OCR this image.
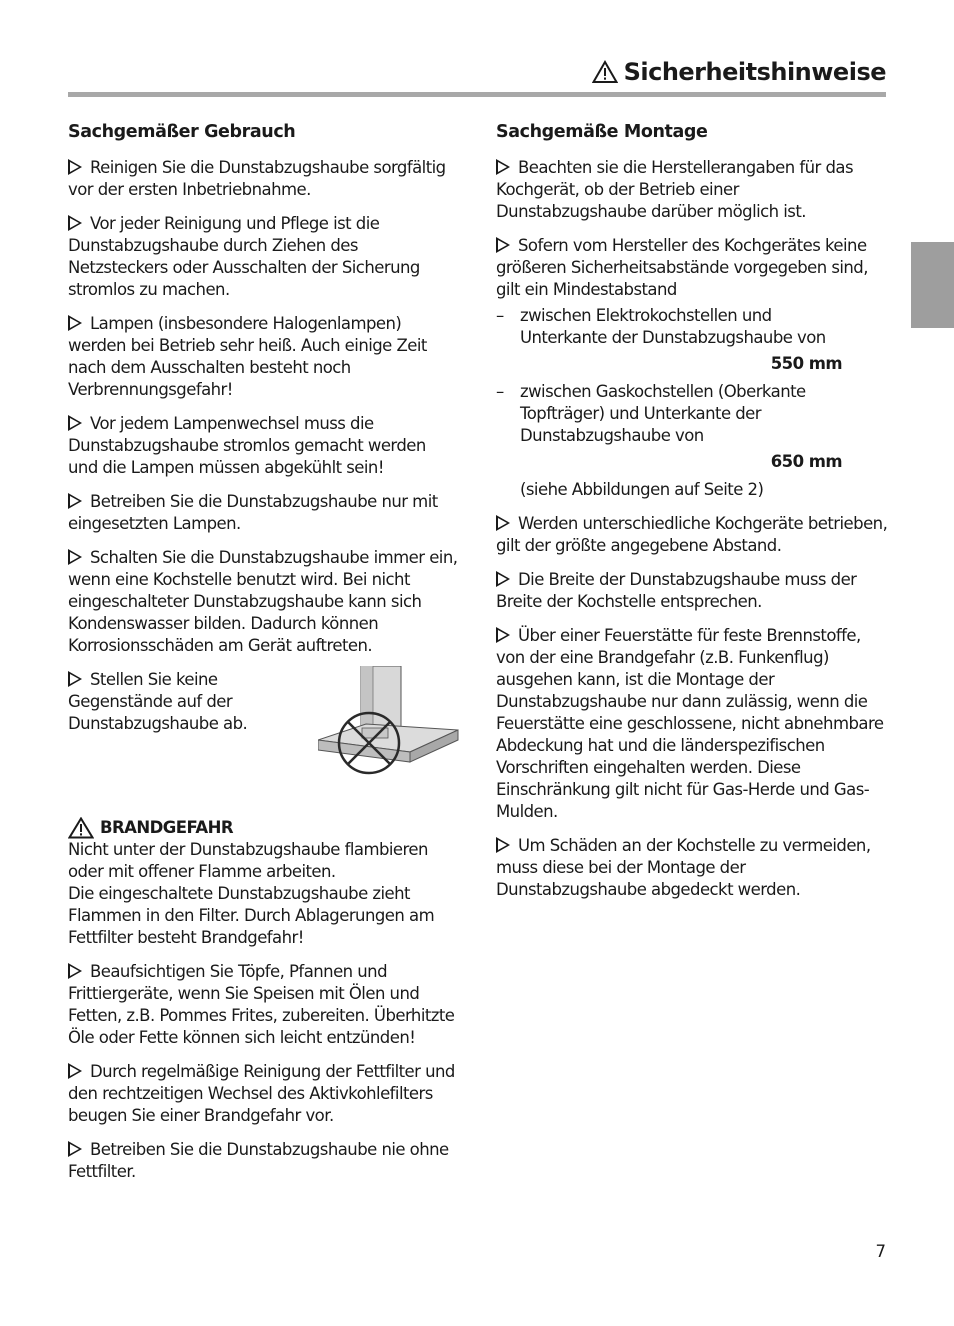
Sicherheitshinweise
Sachgemäßer Gebrauch
Reinigen Sie die Dunstabzugshaube sorgfältig vor der ersten Inbetriebnahme.
Vor jeder Reinigung und Pflege ist die Dunstabzugshaube durch Ziehen des Netzsteckers oder Ausschalten der Sicherung stromlos zu machen.
Lampen (insbesondere Halogenlampen) werden bei Betrieb sehr heiß. Auch einige Zeit nach dem Ausschalten besteht noch Verbrennungsgefahr!
Vor jedem Lampenwechsel muss die Dunstabzugshaube stromlos gemacht werden und die Lampen müssen abgekühlt sein!
Betreiben Sie die Dunstabzugshaube nur mit eingesetzten Lampen.
Schalten Sie die Dunstabzugshaube immer ein, wenn eine Kochstelle benutzt wird. Bei nicht eingeschalteter Dunstabzugshaube kann sich Kondenswasser bilden. Dadurch können Korrosionsschäden am Gerät auftreten.
Stellen Sie keine Gegenstände auf der Dunstabzugshaube ab.
BRANDGEFAHR
Nicht unter der Dunstabzugshaube flambieren oder mit offener Flamme arbeiten.
Die eingeschaltete Dunstabzugshaube zieht Flammen in den Filter. Durch Ablagerungen am Fettfilter besteht Brandgefahr!
Beaufsichtigen Sie Töpfe, Pfannen und Frittiergeräte, wenn Sie Speisen mit Ölen und Fetten, z.B. Pommes Frites, zubereiten. Überhitzte Öle oder Fette können sich leicht entzünden!
Durch regelmäßige Reinigung der Fettfilter und den rechtzeitigen Wechsel des Aktivkohlefilters beugen Sie einer Brandgefahr vor.
Betreiben Sie die Dunstabzugshaube nie ohne Fettfilter.
Sachgemäße Montage
Beachten sie die Herstellerangaben für das Kochgerät, ob der Betrieb einer Dunstabzugshaube darüber möglich ist.
Sofern vom Hersteller des Kochgerätes keine größeren Sicherheitsabstände vorgegeben sind, gilt ein Mindestabstand
– zwischen Elektrokochstellen und Unterkante der Dunstabzugshaube von
550 mm
– zwischen Gaskochstellen (Oberkante Topfträger) und Unterkante der Dunstabzugshaube von
650 mm
(siehe Abbildungen auf Seite 2)
Werden unterschiedliche Kochgeräte betrieben, gilt der größte angegebene Abstand.
Die Breite der Dunstabzugshaube muss der Breite der Kochstelle entsprechen.
Über einer Feuerstätte für feste Brennstoffe, von der eine Brandgefahr (z.B. Funkenflug) ausgehen kann, ist die Montage der Dunstabzugshaube nur dann zulässig, wenn die Feuerstätte eine geschlossene, nicht abnehmbare Abdeckung hat und die länderspezifischen Vorschriften eingehalten werden. Diese Einschränkung gilt nicht für Gas-Herde und Gas-Mulden.
Um Schäden an der Kochstelle zu vermeiden, muss diese bei der Montage der Dunstabzugshaube abgedeckt werden.
7
